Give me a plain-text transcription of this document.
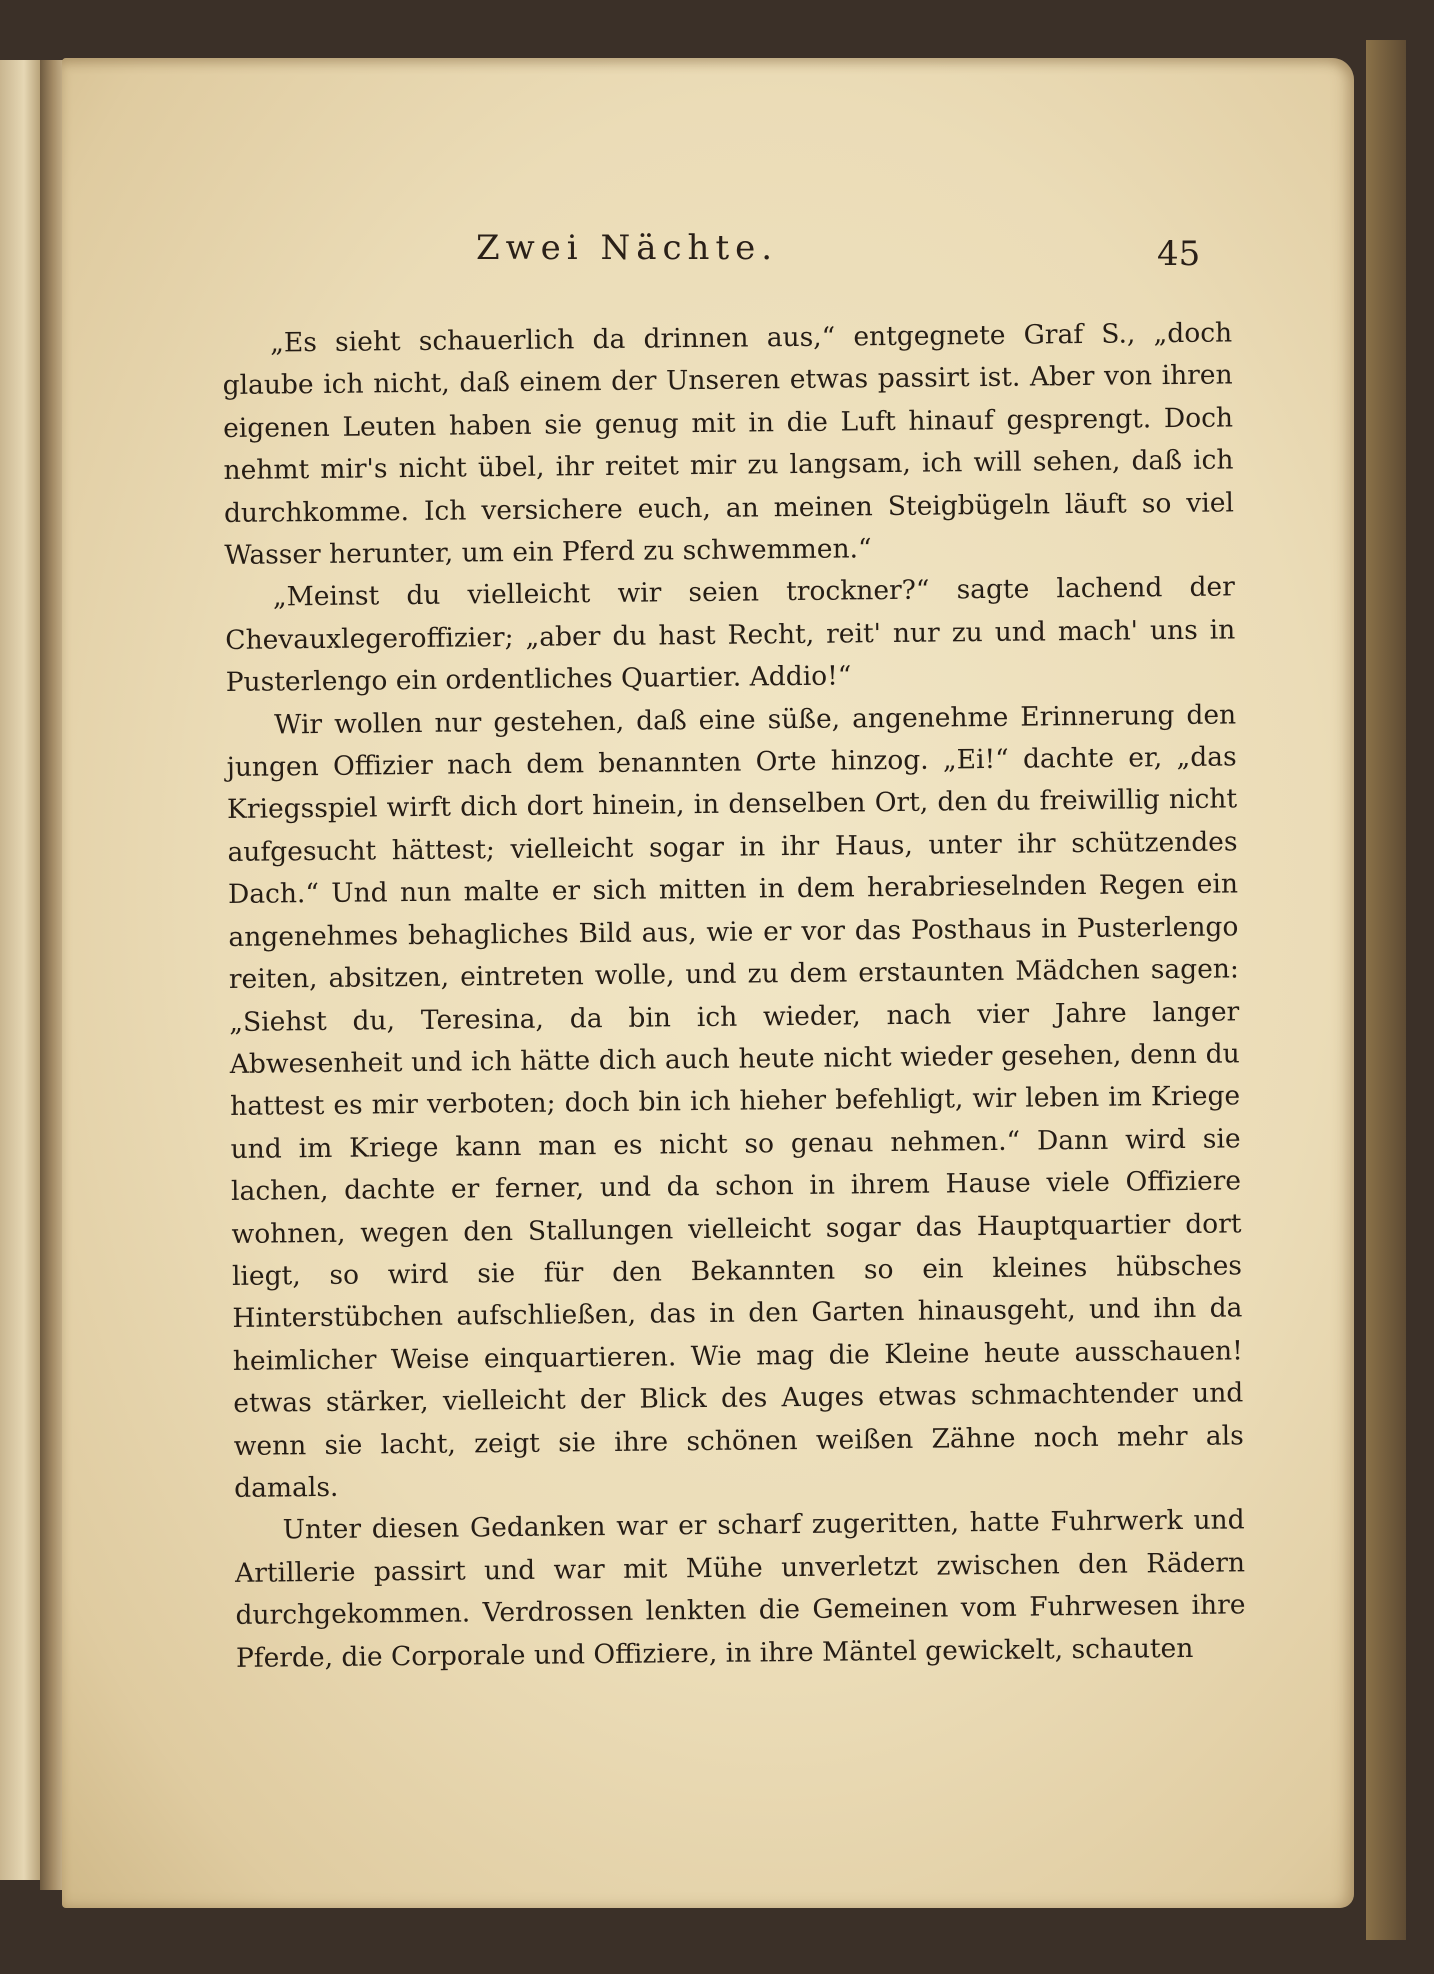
Zwei Nächte.	45

„Es sieht schauerlich da drinnen aus,“ entgegnete Graf S., „doch glaube ich nicht, daß einem der Unseren etwas passirt ist. Aber von ihren eigenen Leuten haben sie genug mit in die Luft hinauf gesprengt. Doch nehmt mir's nicht übel, ihr reitet mir zu langsam, ich will sehen, daß ich durchkomme. Ich versichere euch, an meinen Steigbügeln läuft so viel Wasser herunter, um ein Pferd zu schwemmen.“

„Meinst du vielleicht wir seien trockner?“ sagte lachend der Chevauxlegeroffizier; „aber du hast Recht, reit' nur zu und mach' uns in Pusterlengo ein ordentliches Quartier. Addio!“

Wir wollen nur gestehen, daß eine süße, angenehme Erinnerung den jungen Offizier nach dem benannten Orte hinzog. „Ei!“ dachte er, „das Kriegsspiel wirft dich dort hinein, in denselben Ort, den du freiwillig nicht aufgesucht hättest; vielleicht sogar in ihr Haus, unter ihr schützendes Dach.“ Und nun malte er sich mitten in dem herabrieselnden Regen ein angenehmes behagliches Bild aus, wie er vor das Posthaus in Pusterlengo reiten, absitzen, eintreten wolle, und zu dem erstaunten Mädchen sagen: „Siehst du, Teresina, da bin ich wieder, nach vier Jahre langer Abwesenheit und ich hätte dich auch heute nicht wieder gesehen, denn du hattest es mir verboten; doch bin ich hieher befehligt, wir leben im Kriege und im Kriege kann man es nicht so genau nehmen.“ Dann wird sie lachen, dachte er ferner, und da schon in ihrem Hause viele Offiziere wohnen, wegen den Stallungen vielleicht sogar das Hauptquartier dort liegt, so wird sie für den Bekannten so ein kleines hübsches Hinterstübchen aufschließen, das in den Garten hinausgeht, und ihn da heimlicher Weise einquartieren. Wie mag die Kleine heute ausschauen! etwas stärker, vielleicht der Blick des Auges etwas schmachtender und wenn sie lacht, zeigt sie ihre schönen weißen Zähne noch mehr als damals.

Unter diesen Gedanken war er scharf zugeritten, hatte Fuhrwerk und Artillerie passirt und war mit Mühe unverletzt zwischen den Rädern durchgekommen. Verdrossen lenkten die Gemeinen vom Fuhrwesen ihre Pferde, die Corporale und Offiziere, in ihre Mäntel gewickelt, schauten
